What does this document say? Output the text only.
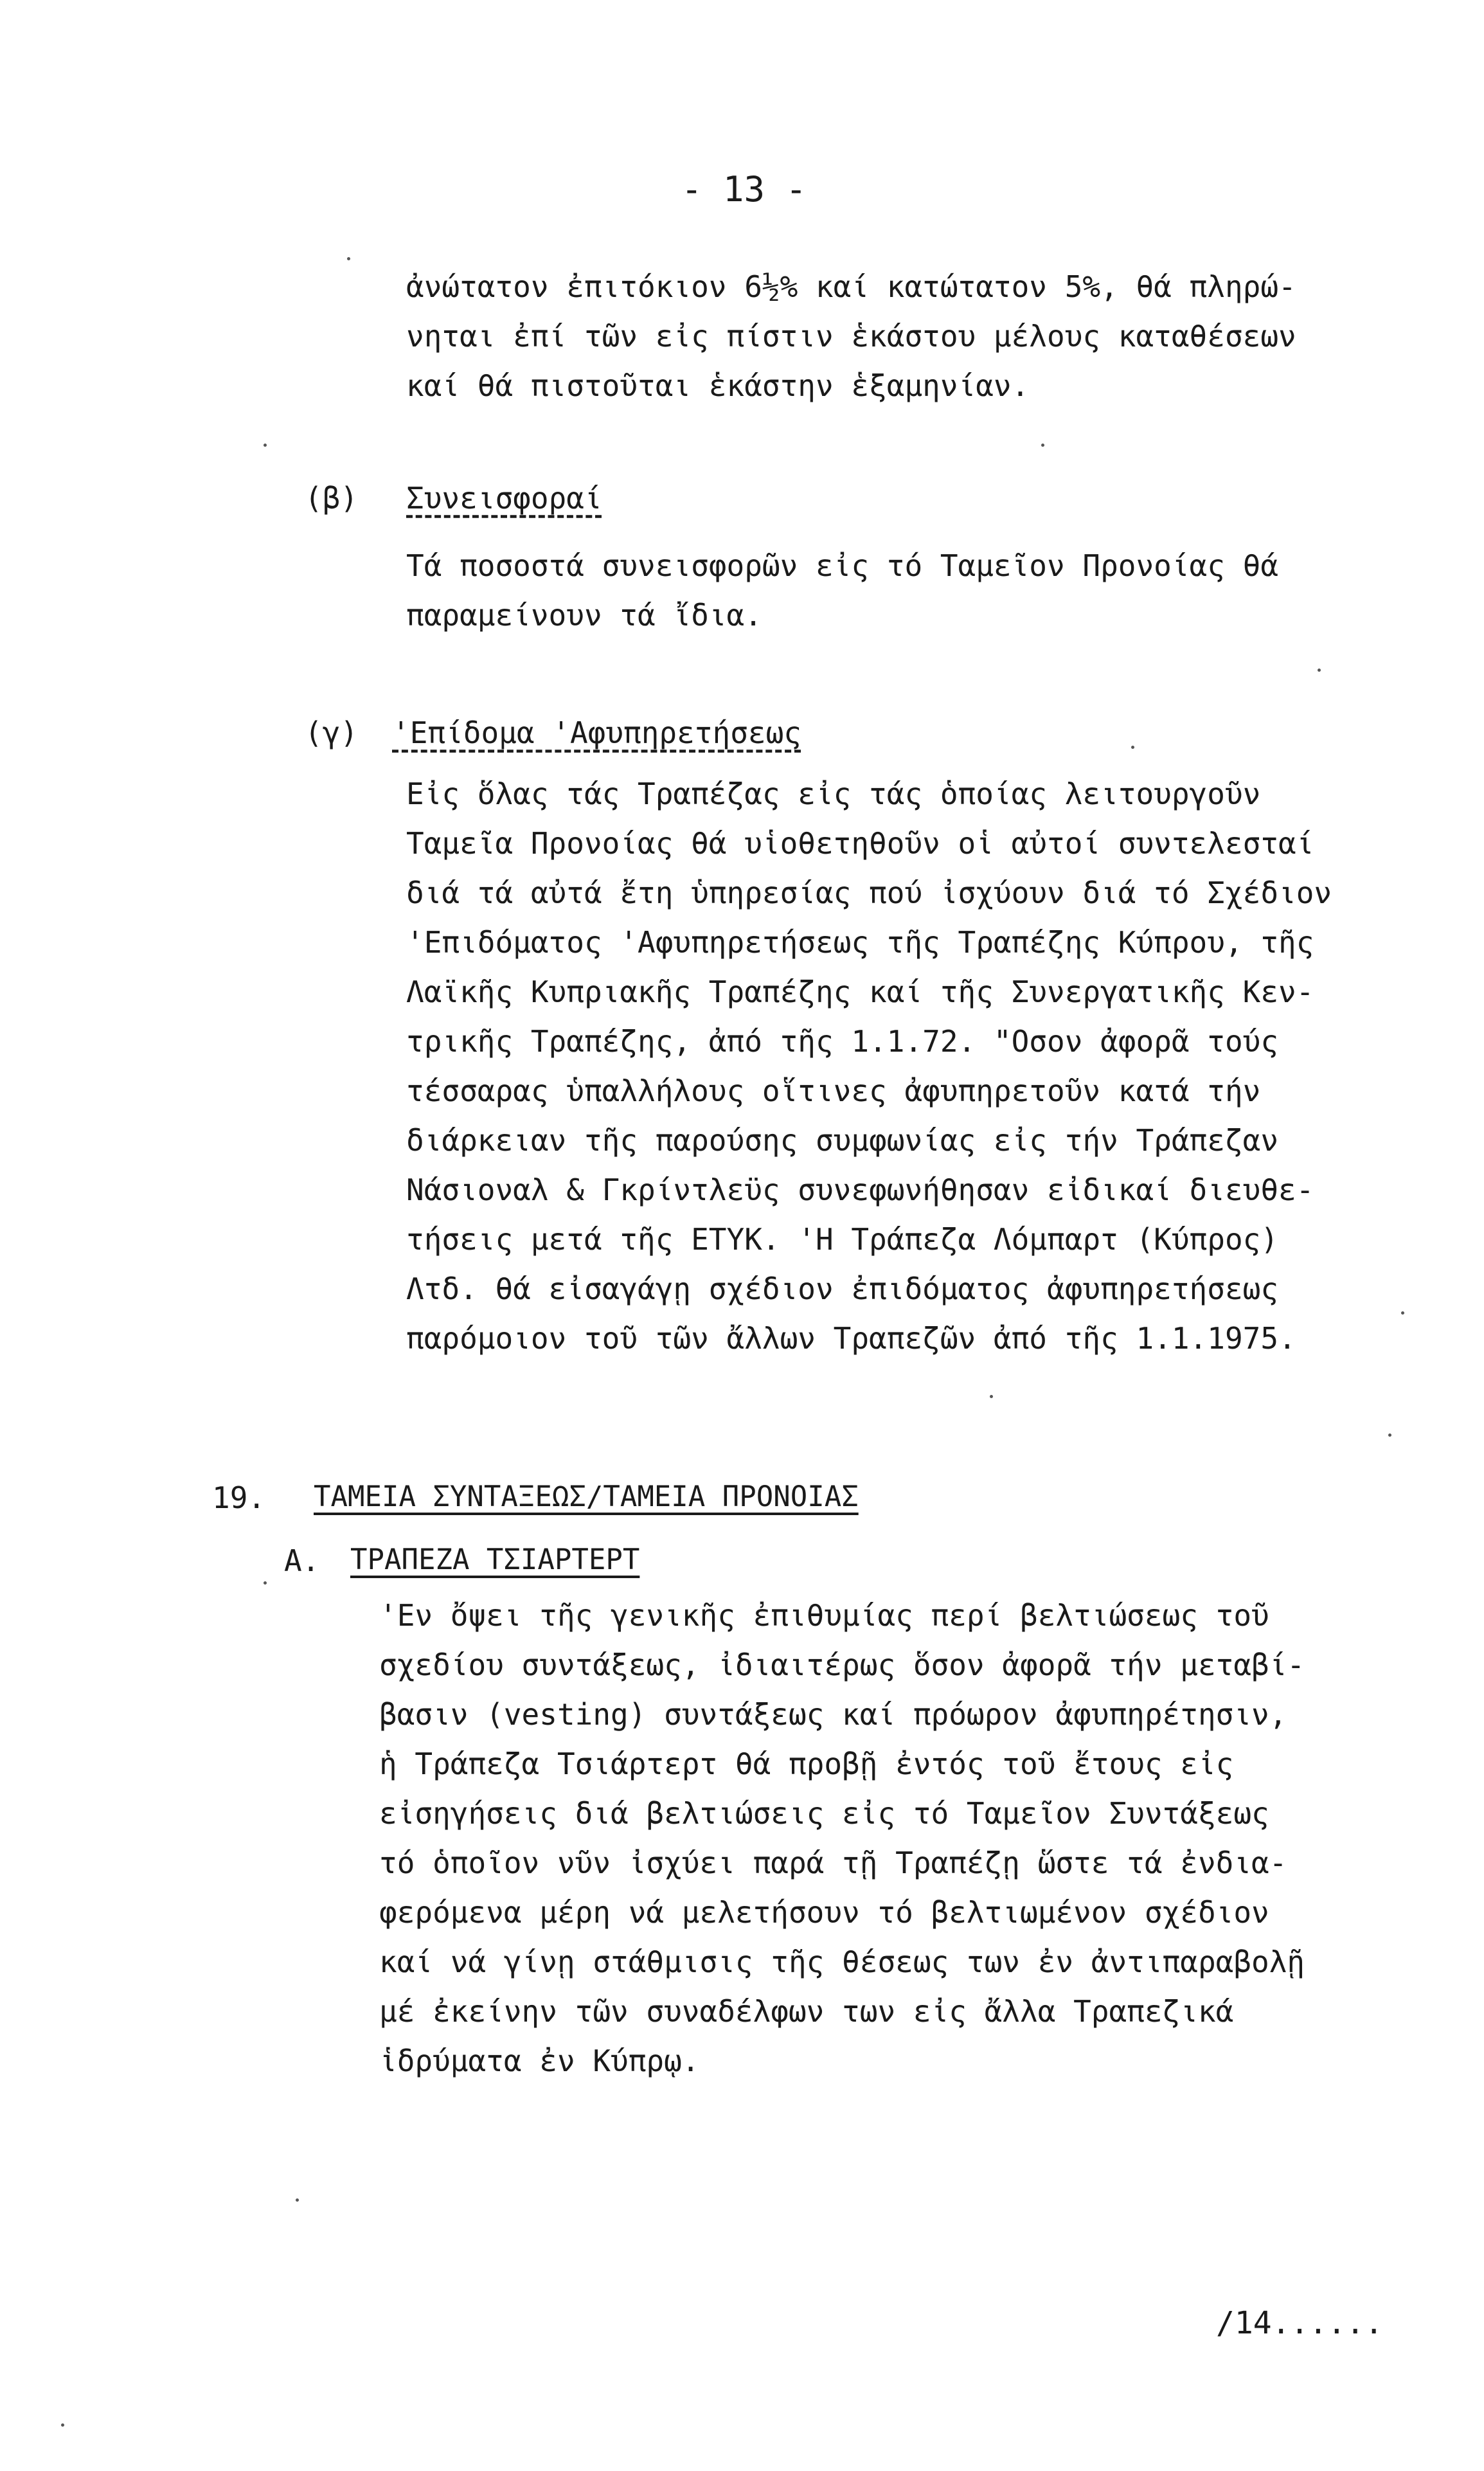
- 13 -
ἀνώτατον ἐπιτόκιον 6½% καί κατώτατον 5%, θά πληρώ-
νηται ἐπί τῶν εἰς πίστιν ἑκάστου μέλους καταθέσεων
καί θά πιστοῦται ἑκάστην ἑξαμηνίαν.
(β) Συνεισφοραί
Τά ποσοστά συνεισφορῶν εἰς τό Ταμεῖον Προνοίας θά
παραμείνουν τά ἴδια.
(γ) 'Επίδομα 'Αφυπηρετήσεως
Εἰς ὅλας τάς Τραπέζας εἰς τάς ὁποίας λειτουργοῦν
Ταμεῖα Προνοίας θά υἱοθετηθοῦν οἱ αὐτοί συντελεσταί
διά τά αὐτά ἔτη ὑπηρεσίας πού ἰσχύουν διά τό Σχέδιον
'Επιδόματος 'Αφυπηρετήσεως τῆς Τραπέζης Κύπρου, τῆς
Λαϊκῆς Κυπριακῆς Τραπέζης καί τῆς Συνεργατικῆς Κεν-
τρικῆς Τραπέζης, ἀπό τῆς 1.1.72. "Οσον ἀφορᾶ τούς
τέσσαρας ὑπαλλήλους οἵτινες ἀφυπηρετοῦν κατά τήν
διάρκειαν τῆς παρούσης συμφωνίας εἰς τήν Τράπεζαν
Νάσιοναλ & Γκρίντλεϋς συνεφωνήθησαν εἰδικαί διευθε-
τήσεις μετά τῆς ΕΤΥΚ. 'Η Τράπεζα Λόμπαρτ (Κύπρος)
Λτδ. θά εἰσαγάγῃ σχέδιον ἐπιδόματος ἀφυπηρετήσεως
παρόμοιον τοῦ τῶν ἄλλων Τραπεζῶν ἀπό τῆς 1.1.1975.
19. ΤΑΜΕΙΑ ΣΥΝΤΑΞΕΩΣ/ΤΑΜΕΙΑ ΠΡΟΝΟΙΑΣ
Α. ΤΡΑΠΕΖΑ ΤΣΙΑΡΤΕΡΤ
'Εν ὄψει τῆς γενικῆς ἐπιθυμίας περί βελτιώσεως τοῦ
σχεδίου συντάξεως, ἰδιαιτέρως ὅσον ἀφορᾶ τήν μεταβί-
βασιν (vesting) συντάξεως καί πρόωρον ἀφυπηρέτησιν,
ἡ Τράπεζα Τσιάρτερτ θά προβῇ ἐντός τοῦ ἔτους εἰς
εἰσηγήσεις διά βελτιώσεις εἰς τό Ταμεῖον Συντάξεως
τό ὁποῖον νῦν ἰσχύει παρά τῇ Τραπέζῃ ὥστε τά ἐνδια-
φερόμενα μέρη νά μελετήσουν τό βελτιωμένον σχέδιον
καί νά γίνῃ στάθμισις τῆς θέσεως των ἐν ἀντιπαραβολῇ
μέ ἐκείνην τῶν συναδέλφων των εἰς ἄλλα Τραπεζικά
ἱδρύματα ἐν Κύπρῳ.
/14......
